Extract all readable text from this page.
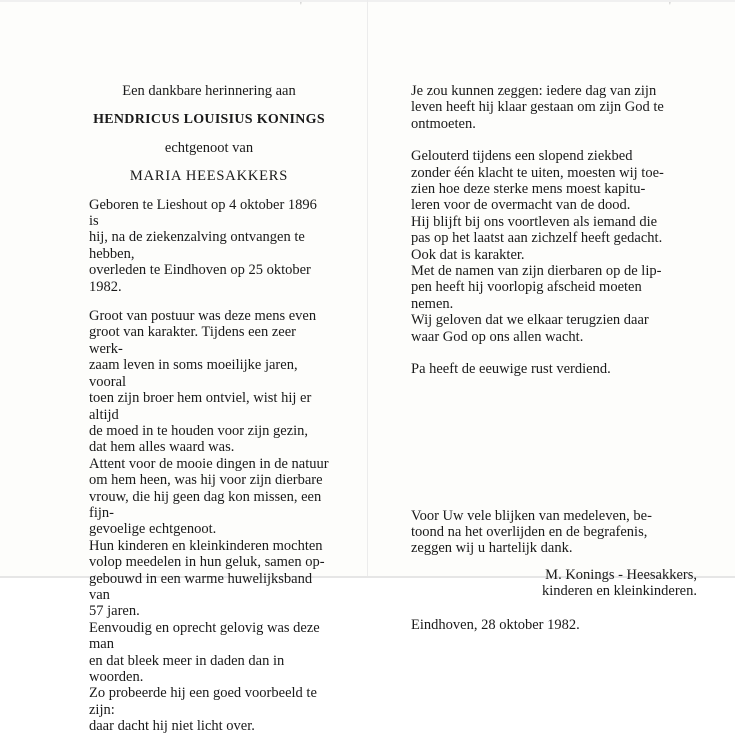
'	'

Een dankbare herinnering aan

HENDRICUS LOUISIUS KONINGS

echtgenoot van

MARIA HEESAKKERS

Geboren te Lieshout op 4 oktober 1896 is
hij, na de ziekenzalving ontvangen te hebben,
overleden te Eindhoven op 25 oktober 1982.
Groot van postuur was deze mens even
groot van karakter. Tijdens een zeer werk-
zaam leven in soms moeilijke jaren, vooral
toen zijn broer hem ontviel, wist hij er altijd
de moed in te houden voor zijn gezin,
dat hem alles waard was.
Attent voor de mooie dingen in de natuur
om hem heen, was hij voor zijn dierbare
vrouw, die hij geen dag kon missen, een fijn-
gevoelige echtgenoot.
Hun kinderen en kleinkinderen mochten
volop meedelen in hun geluk, samen op-
gebouwd in een warme huwelijksband van
57 jaren.
Eenvoudig en oprecht gelovig was deze man
en dat bleek meer in daden dan in woorden.
Zo probeerde hij een goed voorbeeld te zijn:
daar dacht hij niet licht over.
Je zou kunnen zeggen: iedere dag van zijn
leven heeft hij klaar gestaan om zijn God te
ontmoeten.
Gelouterd tijdens een slopend ziekbed
zonder één klacht te uiten, moesten wij toe-
zien hoe deze sterke mens moest kapitu-
leren voor de overmacht van de dood.
Hij blijft bij ons voortleven als iemand die
pas op het laatst aan zichzelf heeft gedacht.
Ook dat is karakter.
Met de namen van zijn dierbaren op de lip-
pen heeft hij voorlopig afscheid moeten
nemen.
Wij geloven dat we elkaar terugzien daar
waar God op ons allen wacht.

Pa heeft de eeuwige rust verdiend.

Voor Uw vele blijken van medeleven, be-
toond na het overlijden en de begrafenis,
zeggen wij u hartelijk dank.
M. Konings - Heesakkers,
kinderen en kleinkinderen.

Eindhoven, 28 oktober 1982.
